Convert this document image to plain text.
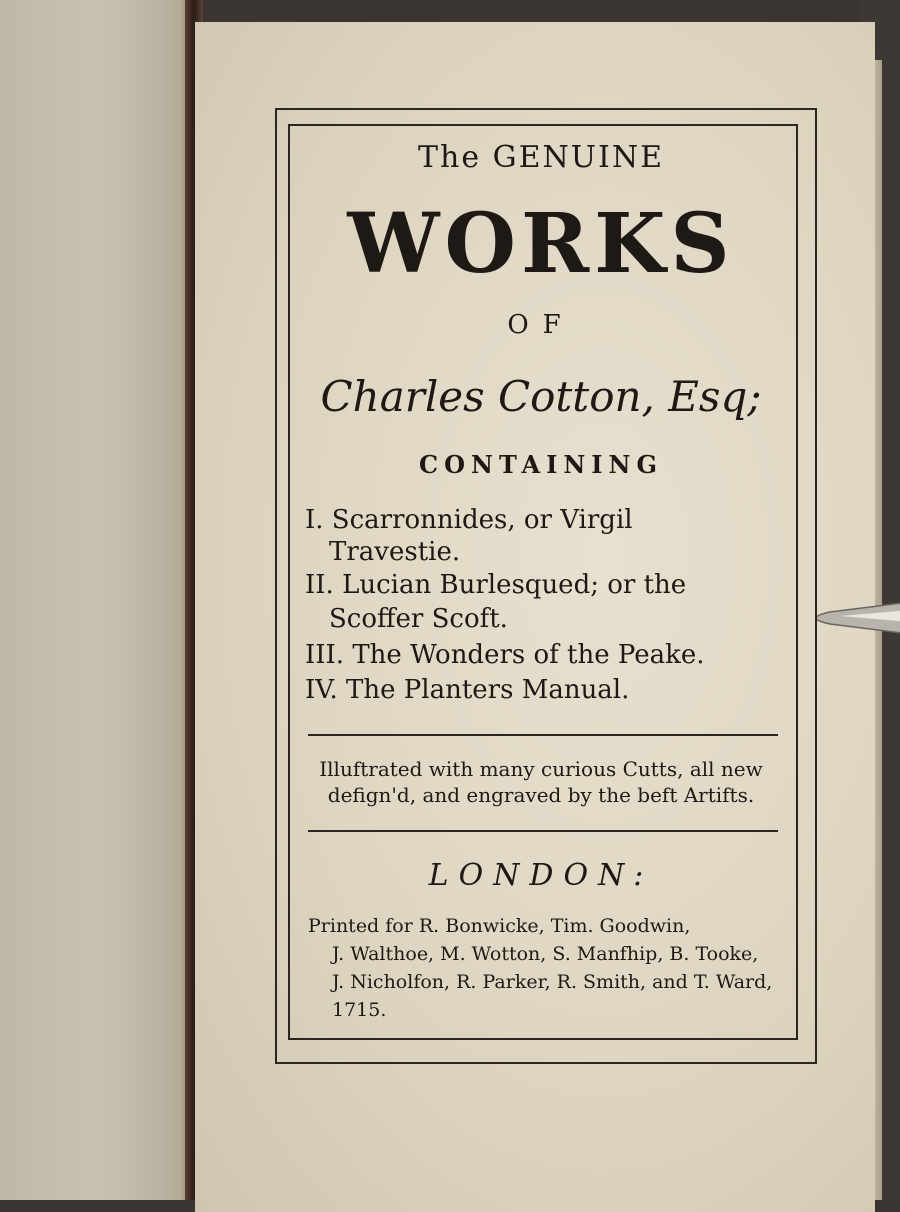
The GENUINE
WORKS
OF
Charles Cotton, Esq;
CONTAINING
I. Scarronnides, or Virgil
Travestie.
II. Lucian Burlesqued; or the
Scoffer Scoft.
III. The Wonders of the Peake.
IV. The Planters Manual.
Illuftrated with many curious Cutts, all new
defign'd, and engraved by the beft Artifts.
LONDON:
Printed for R. Bonwicke, Tim. Goodwin,
J. Walthoe, M. Wotton, S. Manfhip, B. Tooke,
J. Nicholfon, R. Parker, R. Smith, and T. Ward,
1715.
